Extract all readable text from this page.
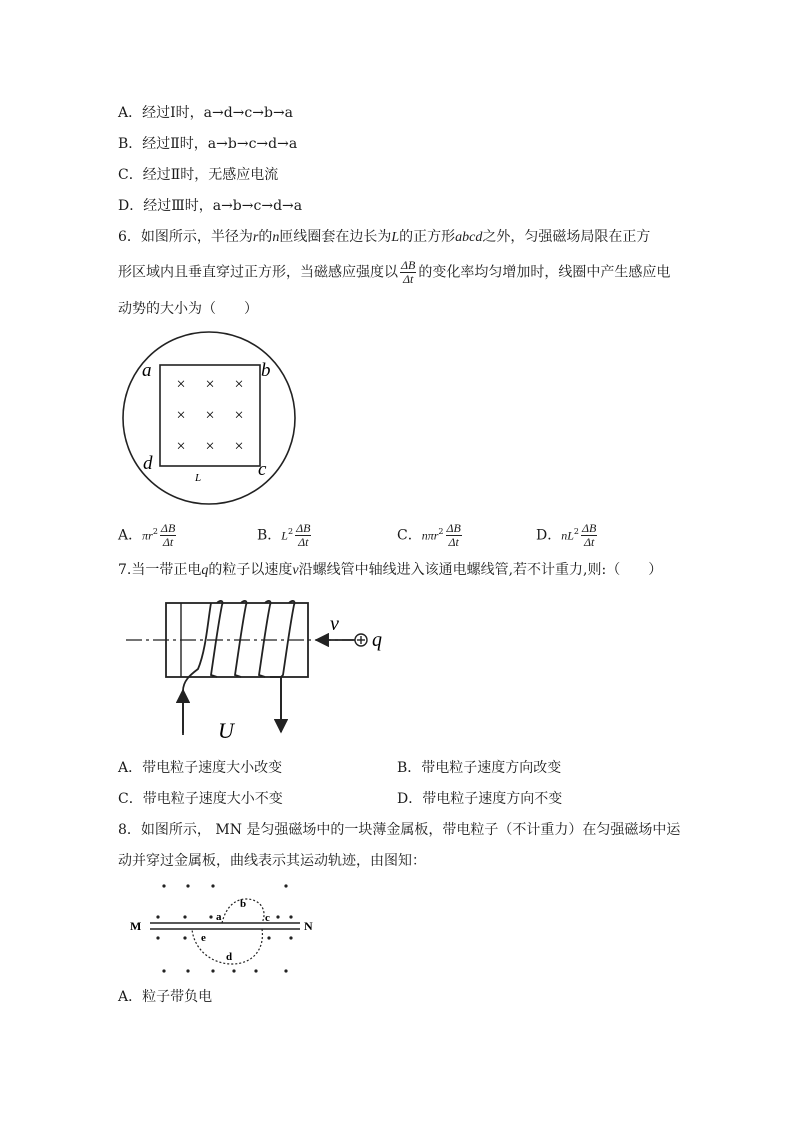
A．经过Ⅰ时，a→d→c→b→a
B．经过Ⅱ时，a→b→c→d→a
C．经过Ⅱ时，无感应电流
D．经过Ⅲ时，a→b→c→d→a
6．如图所示，半径为r的n匝线圈套在边长为L的正方形abcd之外，匀强磁场局限在正方
形区域内且垂直穿过正方形，当磁感应强度以 $\frac{\Delta B}{\Delta t}$ 的变化率均匀增加时，线圈中产生感应电
动势的大小为（　　）
× × ×
× × ×
× × ×
a	b
c
d
L
A．$\pi r^2 \frac{\Delta B}{\Delta t}$	B．$L^2 \frac{\Delta B}{\Delta t}$	C．$n\pi r^2 \frac{\Delta B}{\Delta t}$	D．$nL^2 \frac{\Delta B}{\Delta t}$
7.当一带正电q的粒子以速度v沿螺线管中轴线进入该通电螺线管,若不计重力,则:（　　）
v
q
U
A．带电粒子速度大小改变	B．带电粒子速度方向改变
C．带电粒子速度大小不变	D．带电粒子速度方向不变
8．如图所示， MN 是匀强磁场中的一块薄金属板，带电粒子（不计重力）在匀强磁场中运
动并穿过金属板，曲线表示其运动轨迹，由图知：
M	N
a
b
c
d
e
A．粒子带负电
